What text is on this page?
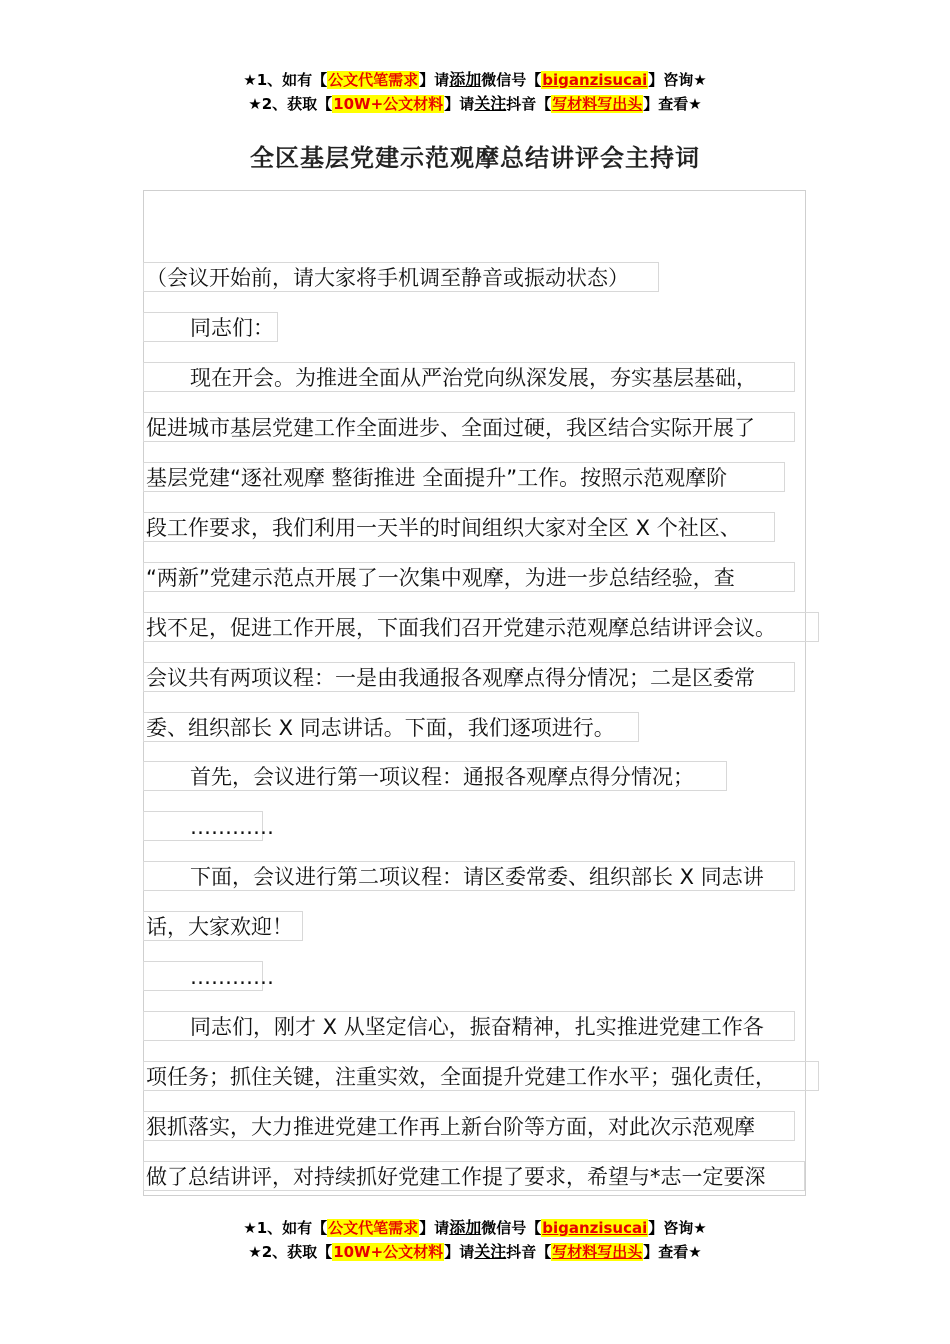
★1、如有【公文代笔需求】请添加微信号【biganzisucai】咨询★
★2、获取【10W+公文材料】请关注抖音【写材料写出头】查看★
全区基层党建示范观摩总结讲评会主持词
（会议开始前，请大家将手机调至静音或振动状态）
同志们：
现在开会。为推进全面从严治党向纵深发展，夯实基层基础，
促进城市基层党建工作全面进步、全面过硬，我区结合实际开展了
基层党建“逐社观摩 整街推进 全面提升”工作。按照示范观摩阶
段工作要求，我们利用一天半的时间组织大家对全区 X 个社区、
“两新”党建示范点开展了一次集中观摩，为进一步总结经验，查
找不足，促进工作开展，下面我们召开党建示范观摩总结讲评会议。
会议共有两项议程：一是由我通报各观摩点得分情况；二是区委常
委、组织部长 X 同志讲话。下面，我们逐项进行。
首先，会议进行第一项议程：通报各观摩点得分情况；
…………
下面，会议进行第二项议程：请区委常委、组织部长 X 同志讲
话，大家欢迎！
…………
同志们，刚才 X 从坚定信心，振奋精神，扎实推进党建工作各
项任务；抓住关键，注重实效，全面提升党建工作水平；强化责任，
狠抓落实，大力推进党建工作再上新台阶等方面，对此次示范观摩
做了总结讲评，对持续抓好党建工作提了要求，希望与*志一定要深
★1、如有【公文代笔需求】请添加微信号【biganzisucai】咨询★
★2、获取【10W+公文材料】请关注抖音【写材料写出头】查看★
